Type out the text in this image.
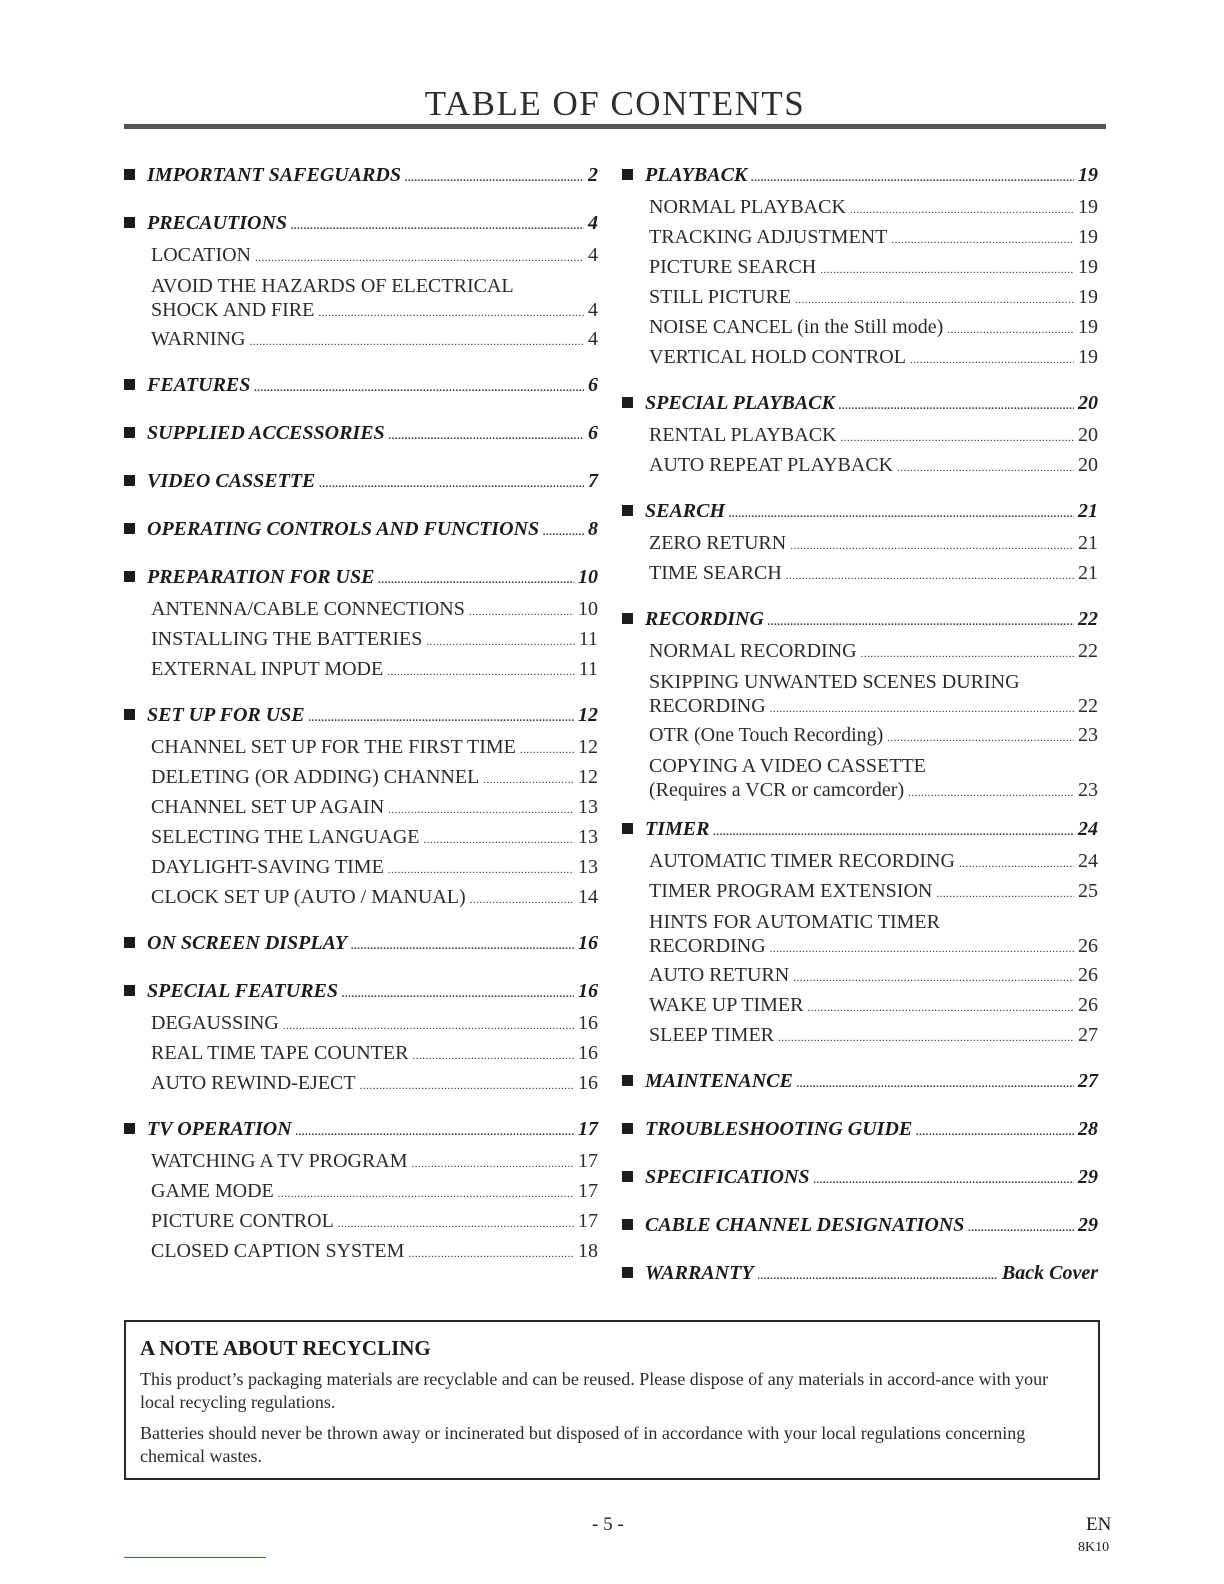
TABLE OF CONTENTS
IMPORTANT SAFEGUARDS .....	2
PRECAUTIONS .....	4
LOCATION .....	4
AVOID THE HAZARDS OF ELECTRICAL
SHOCK AND FIRE .....	4
WARNING .....	4
FEATURES .....	6
SUPPLIED ACCESSORIES .....	6
VIDEO CASSETTE .....	7
OPERATING CONTROLS AND FUNCTIONS ..... 8
PREPARATION FOR USE .....	10
ANTENNA/CABLE CONNECTIONS .....	10
INSTALLING THE BATTERIES .....	11
EXTERNAL INPUT MODE .....	11
SET UP FOR USE .....	12
CHANNEL SET UP FOR THE FIRST TIME .....	12
DELETING (OR ADDING) CHANNEL .....	12
CHANNEL SET UP AGAIN .....	13
SELECTING THE LANGUAGE .....	13
DAYLIGHT-SAVING TIME .....	13
CLOCK SET UP (AUTO / MANUAL) .....	14
ON SCREEN DISPLAY .....	16
SPECIAL FEATURES .....	16
DEGAUSSING .....	16
REAL TIME TAPE COUNTER .....	16
AUTO REWIND-EJECT .....	16
TV OPERATION .....	17
WATCHING A TV PROGRAM .....	17
GAME MODE .....	17
PICTURE CONTROL .....	17
CLOSED CAPTION SYSTEM .....	18
PLAYBACK .....	19
NORMAL PLAYBACK .....	19
TRACKING ADJUSTMENT .....	19
PICTURE SEARCH .....	19
STILL PICTURE .....	19
NOISE CANCEL (in the Still mode) .....	19
VERTICAL HOLD CONTROL .....	19
SPECIAL PLAYBACK .....	20
RENTAL PLAYBACK .....	20
AUTO REPEAT PLAYBACK .....	20
SEARCH .....	21
ZERO RETURN .....	21
TIME SEARCH .....	21
RECORDING .....	22
NORMAL RECORDING .....	22
SKIPPING UNWANTED SCENES DURING
RECORDING .....	22
OTR (One Touch Recording) .....	23
COPYING A VIDEO CASSETTE
(Requires a VCR or camcorder) .....	23
TIMER .....	24
AUTOMATIC TIMER RECORDING .....	24
TIMER PROGRAM EXTENSION .....	25
HINTS FOR AUTOMATIC TIMER
RECORDING .....	26
AUTO RETURN .....	26
WAKE UP TIMER .....	26
SLEEP TIMER .....	27
MAINTENANCE .....	27
TROUBLESHOOTING GUIDE .....	28
SPECIFICATIONS .....	29
CABLE CHANNEL DESIGNATIONS .....	29
WARRANTY .....	Back Cover
A NOTE ABOUT RECYCLING

This product’s packaging materials are recyclable and can be reused. Please dispose of any materials in accord-ance with your local recycling regulations.

Batteries should never be thrown away or incinerated but disposed of in accordance with your local regulations concerning chemical wastes.

- 5 -	EN
8K10
